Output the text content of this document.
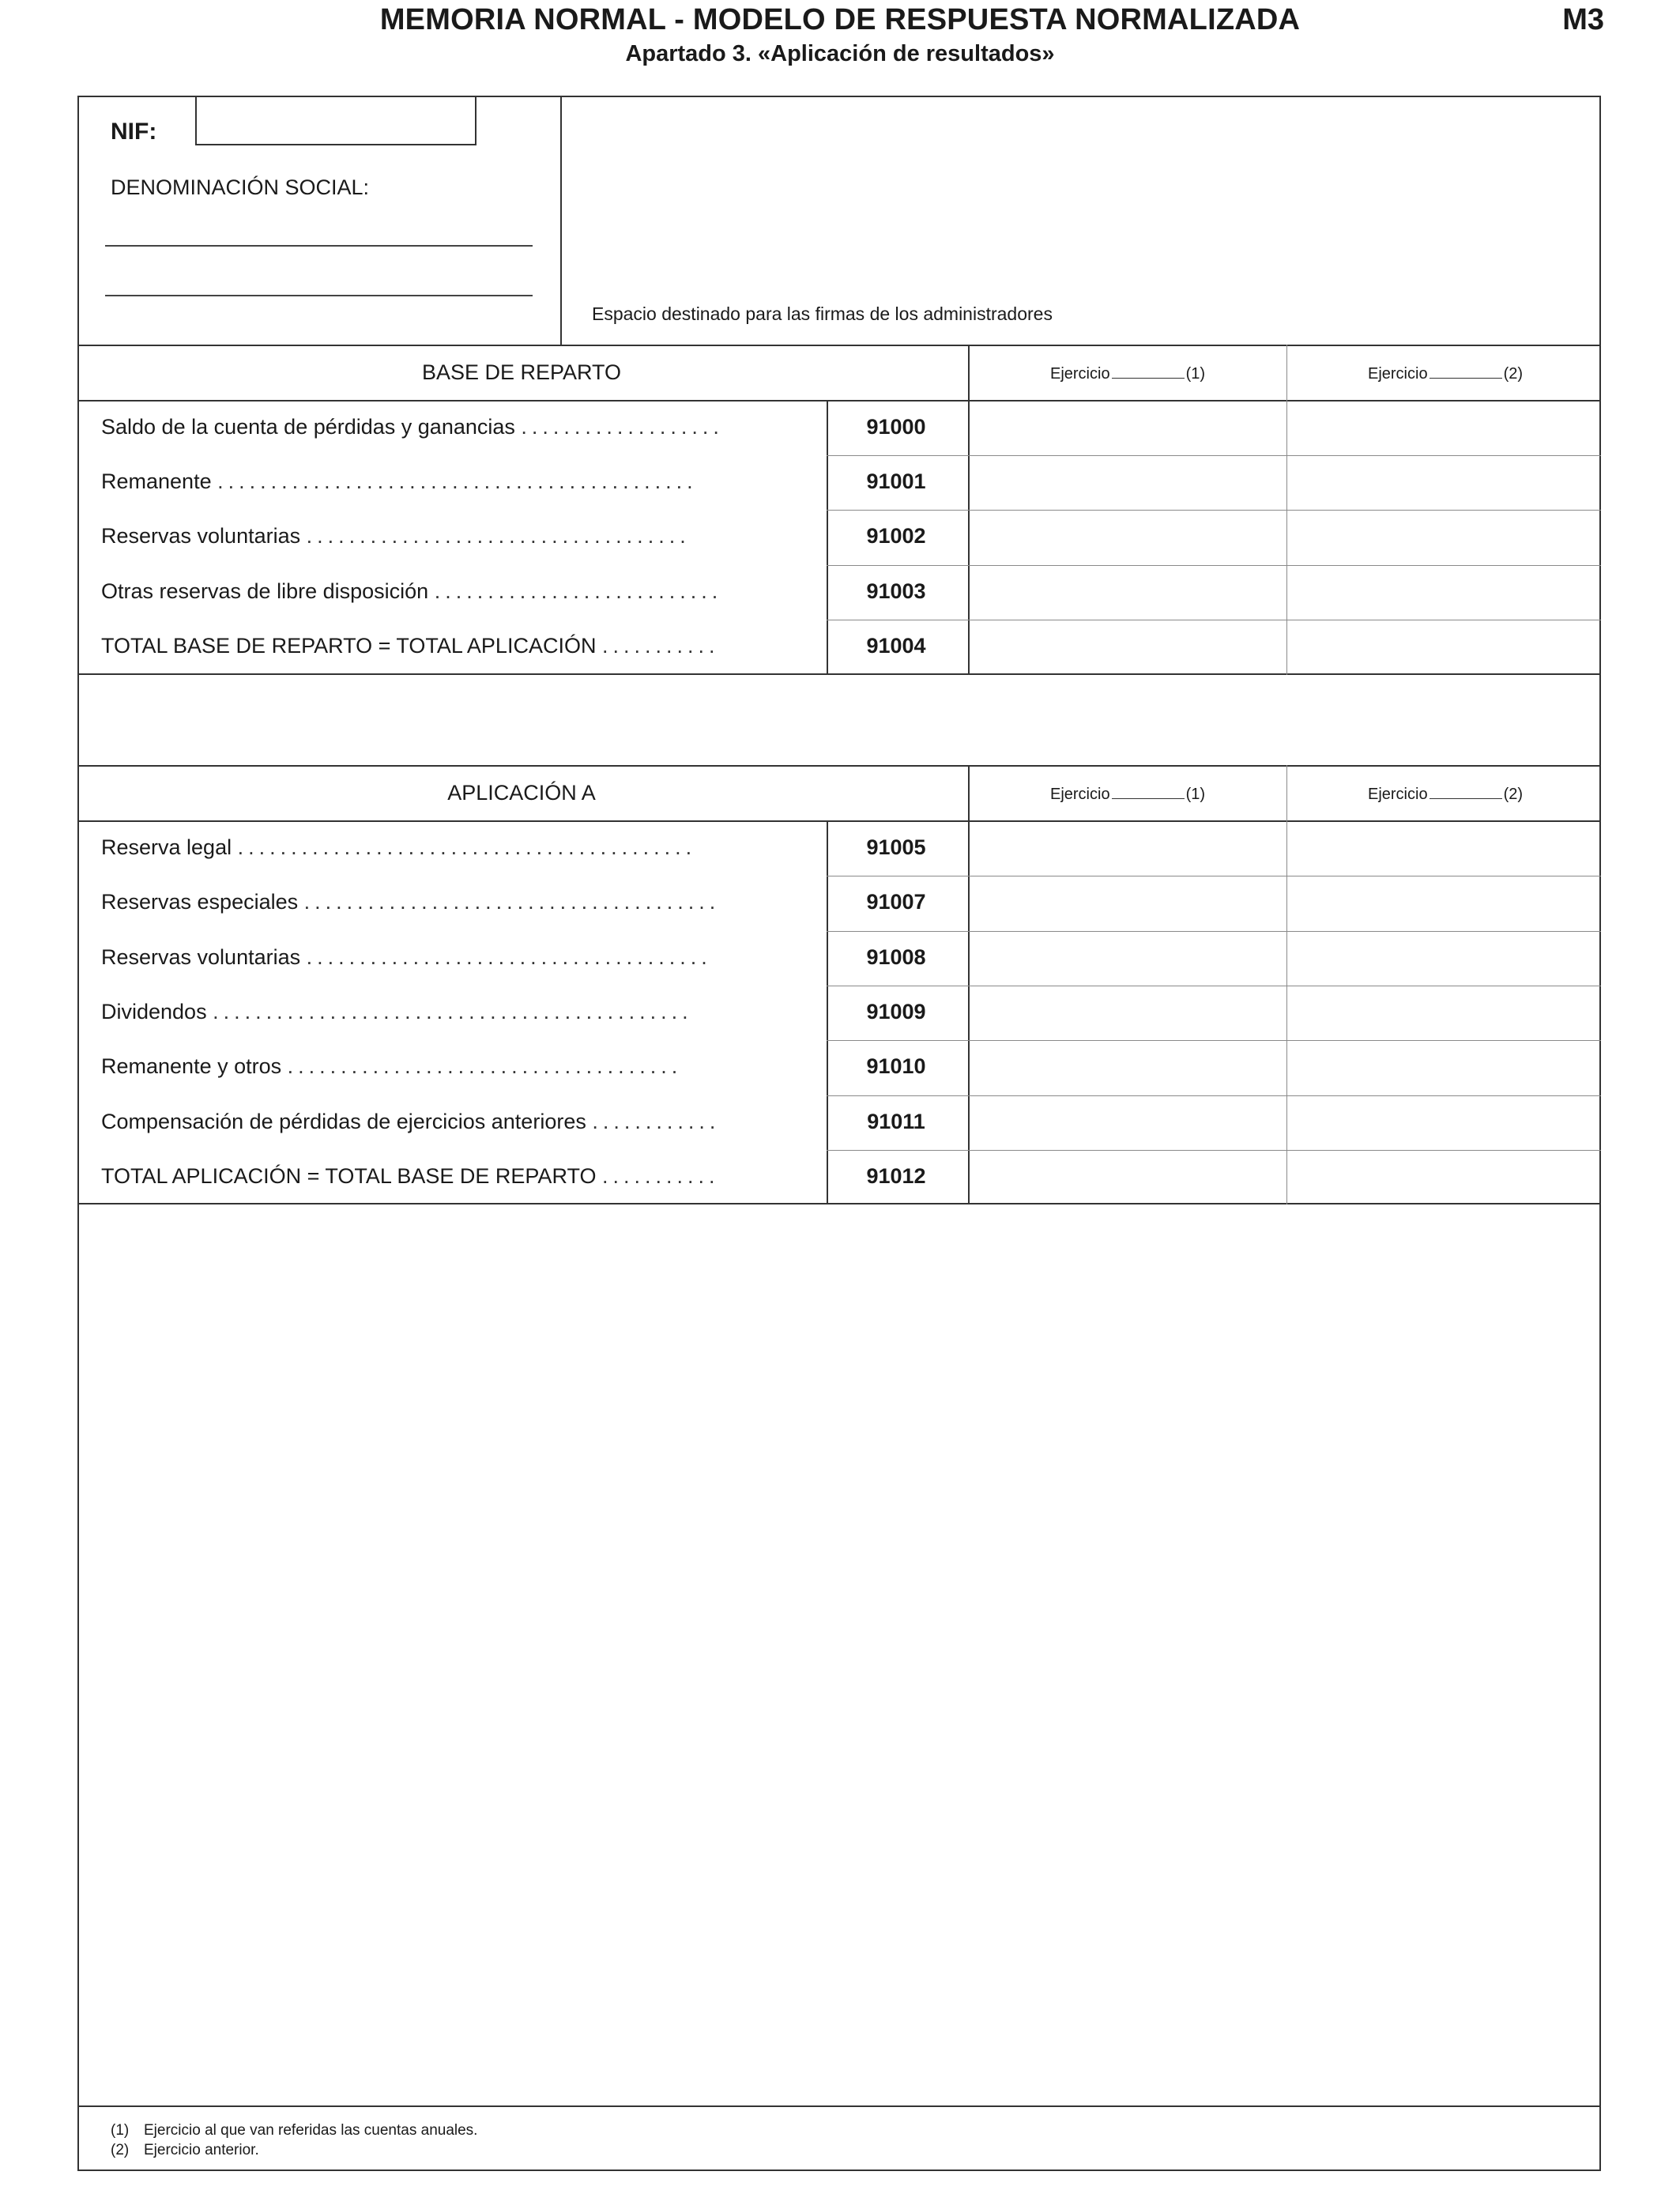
MEMORIA NORMAL - MODELO DE RESPUESTA NORMALIZADA	M3
Apartado 3. «Aplicación de resultados»
NIF:
DENOMINACIÓN SOCIAL:
Espacio destinado para las firmas de los administradores
BASE DE REPARTO	Ejercicio	(1)	Ejercicio	(2)
Saldo de la cuenta de pérdidas y ganancias ...................	91000
Remanente .............................................	91001
Reservas voluntarias ....................................	91002
Otras reservas de libre disposición ...........................	91003
TOTAL BASE DE REPARTO = TOTAL APLICACIÓN ...........	91004
APLICACIÓN A	Ejercicio	(1)	Ejercicio	(2)
Reserva legal ...........................................	91005
Reservas especiales .......................................	91007
Reservas voluntarias ......................................	91008
Dividendos .............................................	91009
Remanente y otros .....................................	91010
Compensación de pérdidas de ejercicios anteriores ............	91011
TOTAL APLICACIÓN = TOTAL BASE DE REPARTO ...........	91012
(1) Ejercicio al que van referidas las cuentas anuales.
(2) Ejercicio anterior.
